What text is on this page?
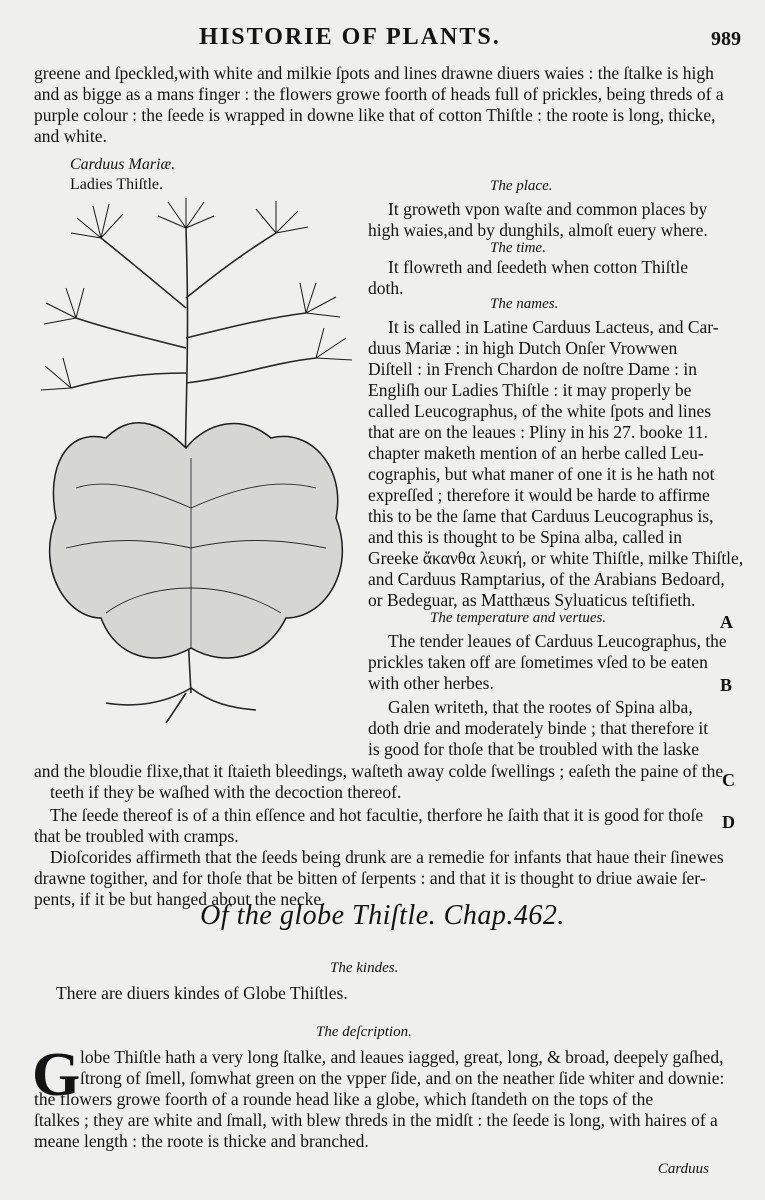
HISTORIE OF PLANTS.	989
greene and ſpeckled,with white and milkie ſpots and lines drawne diuers waies : the ſtalke is high
and as bigge as a mans finger : the flowers growe foorth of heads full of prickles, being threds of a
purple colour : the ſeede is wrapped in downe like that of cotton Thiſtle : the roote is long, thicke,
and white.
Carduus Mariæ.
Ladies Thiſtle.	The place.
It groweth vpon waſte and common places by
high waies,and by dunghils, almoſt euery where.
The time.
It flowreth and ſeedeth when cotton Thiſtle
doth.
The names.
It is called in Latine Carduus Lacteus, and Car-
duus Mariæ : in high Dutch Onſer Vrowwen
Diſtell : in French Chardon de noſtre Dame : in
Engliſh our Ladies Thiſtle : it may properly be
called Leucographus, of the white ſpots and lines
that are on the leaues : Pliny in his 27. booke 11.
chapter maketh mention of an herbe called Leu-
cographis, but what maner of one it is he hath not
expreſſed ; therefore it would be harde to affirme
this to be the ſame that Carduus Leucographus is,
and this is thought to be Spina alba, called in
Greeke ἄκανθα λευκή, or white Thiſtle, milke Thiſtle,
and Carduus Ramptarius, of the Arabians Bedoard,
or Bedeguar, as Matthæus Syluaticus teſtifieth.
The temperature and vertues.
The tender leaues of Carduus Leucographus, the
prickles taken off are ſometimes vſed to be eaten
with other herbes.
Galen writeth, that the rootes of Spina alba,
doth drie and moderately binde ; that therefore it
is good for thoſe that be troubled with the laske
A
B
C
D
and the bloudie flixe,that it ſtaieth bleedings, waſteth away colde ſwellings ; eaſeth the paine of the
teeth if they be waſhed with the decoction thereof.
The ſeede thereof is of a thin eſſence and hot facultie, therfore he ſaith that it is good for thoſe
that be troubled with cramps.
Dioſcorides affirmeth that the ſeeds being drunk are a remedie for infants that haue their ſinewes
drawne togither, and for thoſe that be bitten of ſerpents : and that it is thought to driue awaie ſer-
pents, if it be but hanged about the necke.
Of the globe Thiſtle. Chap.462.
The kindes.
There are diuers kindes of Globe Thiſtles.
The deſcription.
G lobe Thiſtle hath a very long ſtalke, and leaues iagged, great, long, & broad, deepely gaſhed,
ſtrong of ſmell, ſomwhat green on the vpper ſide, and on the neather ſide whiter and downie:
the flowers growe foorth of a rounde head like a globe, which ſtandeth on the tops of the
ſtalkes ; they are white and ſmall, with blew threds in the midſt : the ſeede is long, with haires of a
meane length : the roote is thicke and branched.
Carduus
